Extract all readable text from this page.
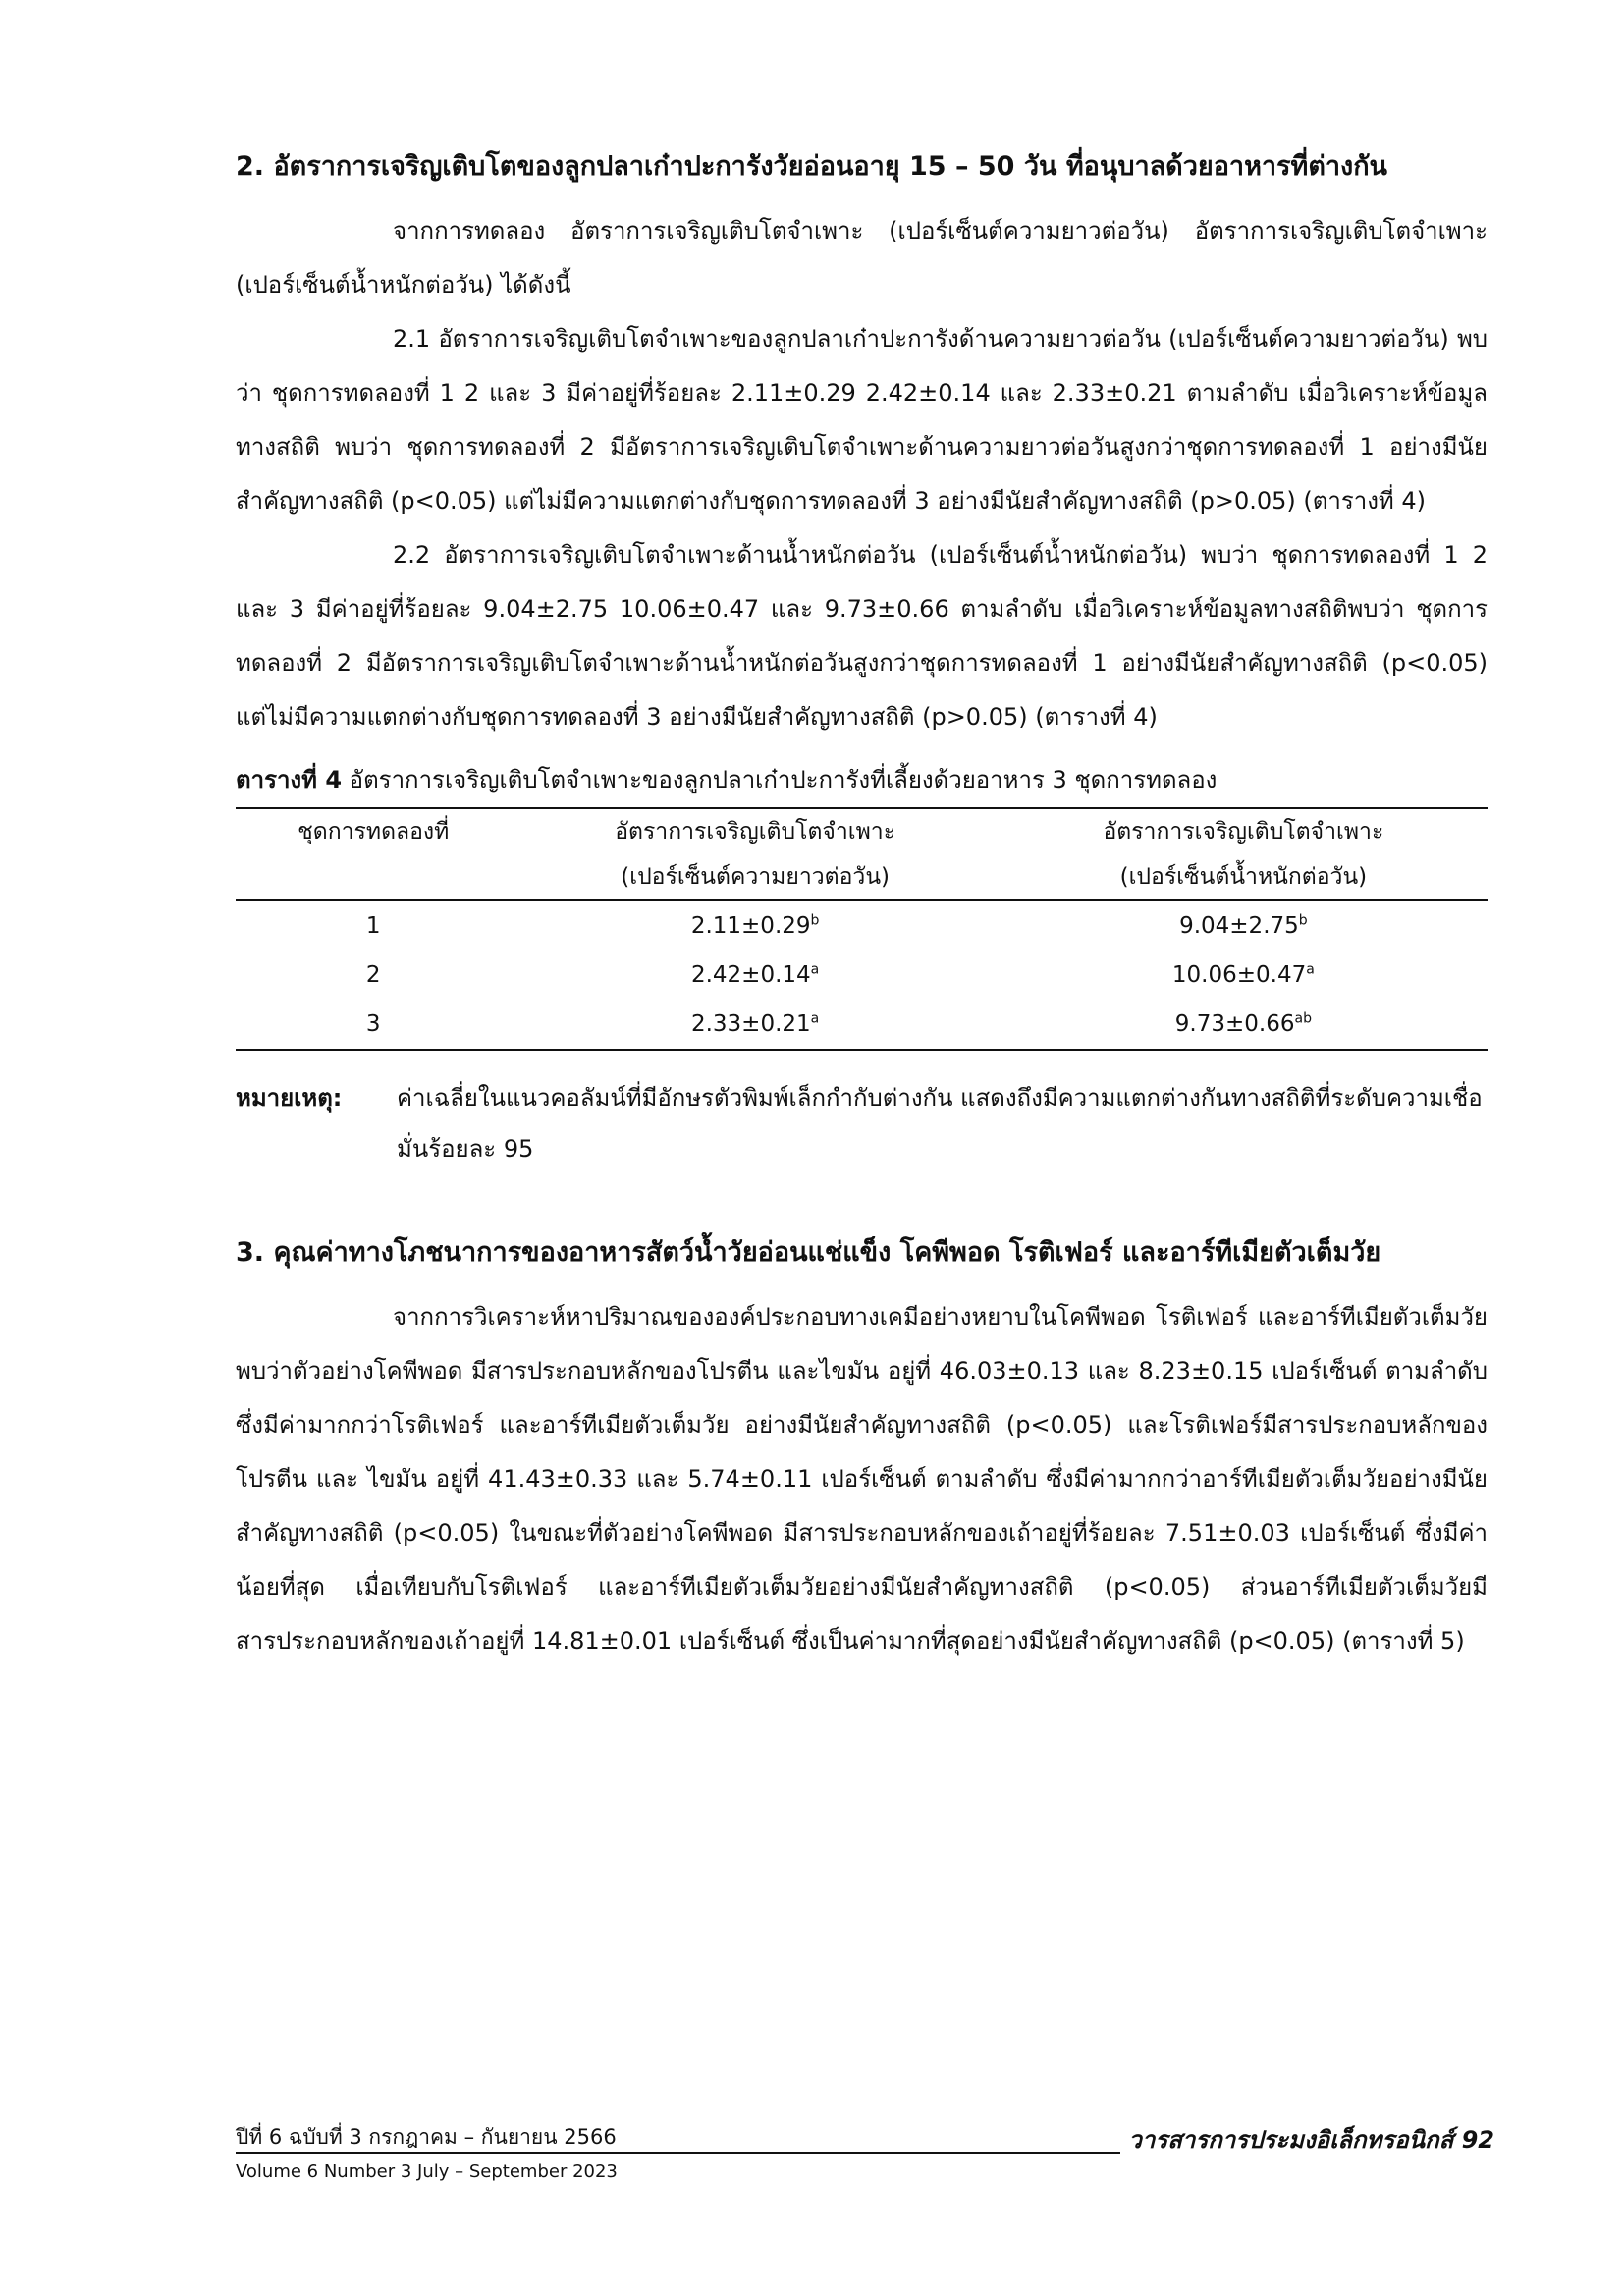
2. อัตราการเจริญเติบโตของลูกปลาเก๋าปะการังวัยอ่อนอายุ 15 – 50 วัน ที่อนุบาลด้วยอาหารที่ต่างกัน

จากการทดลอง อัตราการเจริญเติบโตจำเพาะ (เปอร์เซ็นต์ความยาวต่อวัน) อัตราการเจริญเติบโตจำเพาะ (เปอร์เซ็นต์น้ำหนักต่อวัน) ได้ดังนี้

2.1 อัตราการเจริญเติบโตจำเพาะของลูกปลาเก๋าปะการังด้านความยาวต่อวัน (เปอร์เซ็นต์ความยาวต่อวัน) พบว่า ชุดการทดลองที่ 1 2 และ 3 มีค่าอยู่ที่ร้อยละ 2.11±0.29 2.42±0.14 และ 2.33±0.21 ตามลำดับ เมื่อวิเคราะห์ข้อมูลทางสถิติ พบว่า ชุดการทดลองที่ 2 มีอัตราการเจริญเติบโตจำเพาะด้านความยาวต่อวันสูงกว่าชุดการทดลองที่ 1 อย่างมีนัยสำคัญทางสถิติ (p<0.05) แต่ไม่มีความแตกต่างกับชุดการทดลองที่ 3 อย่างมีนัยสำคัญทางสถิติ (p>0.05) (ตารางที่ 4)

2.2 อัตราการเจริญเติบโตจำเพาะด้านน้ำหนักต่อวัน (เปอร์เซ็นต์น้ำหนักต่อวัน) พบว่า ชุดการทดลองที่ 1 2 และ 3 มีค่าอยู่ที่ร้อยละ 9.04±2.75 10.06±0.47 และ 9.73±0.66 ตามลำดับ เมื่อวิเคราะห์ข้อมูลทางสถิติพบว่า ชุดการทดลองที่ 2 มีอัตราการเจริญเติบโตจำเพาะด้านน้ำหนักต่อวันสูงกว่าชุดการทดลองที่ 1 อย่างมีนัยสำคัญทางสถิติ (p<0.05) แต่ไม่มีความแตกต่างกับชุดการทดลองที่ 3 อย่างมีนัยสำคัญทางสถิติ (p>0.05) (ตารางที่ 4)

ตารางที่ 4 อัตราการเจริญเติบโตจำเพาะของลูกปลาเก๋าปะการังที่เลี้ยงด้วยอาหาร 3 ชุดการทดลอง
ชุดการทดลองที่	อัตราการเจริญเติบโตจำเพาะ	อัตราการเจริญเติบโตจำเพาะ
	(เปอร์เซ็นต์ความยาวต่อวัน)	(เปอร์เซ็นต์น้ำหนักต่อวัน)
1	2.11±0.29$^b$	9.04±2.75$^b$
2	2.42±0.14$^a$	10.06±0.47$^a$
3	2.33±0.21$^a$	9.73±0.66$^{ab}$
หมายเหตุ:	ค่าเฉลี่ยในแนวคอลัมน์ที่มีอักษรตัวพิมพ์เล็กกำกับต่างกัน แสดงถึงมีความแตกต่างกันทางสถิติที่ระดับความเชื่อมั่นร้อยละ 95
3. คุณค่าทางโภชนาการของอาหารสัตว์น้ำวัยอ่อนแช่แข็ง โคพีพอด โรติเฟอร์ และอาร์ทีเมียตัวเต็มวัย

จากการวิเคราะห์หาปริมาณขององค์ประกอบทางเคมีอย่างหยาบในโคพีพอด โรติเฟอร์ และอาร์ทีเมียตัวเต็มวัย พบว่าตัวอย่างโคพีพอด มีสารประกอบหลักของโปรตีน และไขมัน อยู่ที่ 46.03±0.13 และ 8.23±0.15 เปอร์เซ็นต์ ตามลำดับ ซึ่งมีค่ามากกว่าโรติเฟอร์ และอาร์ทีเมียตัวเต็มวัย อย่างมีนัยสำคัญทางสถิติ (p<0.05) และโรติเฟอร์มีสารประกอบหลักของโปรตีน และ ไขมัน อยู่ที่ 41.43±0.33 และ 5.74±0.11 เปอร์เซ็นต์ ตามลำดับ ซึ่งมีค่ามากกว่าอาร์ทีเมียตัวเต็มวัยอย่างมีนัยสำคัญทางสถิติ (p<0.05) ในขณะที่ตัวอย่างโคพีพอด มีสารประกอบหลักของเถ้าอยู่ที่ร้อยละ 7.51±0.03 เปอร์เซ็นต์ ซึ่งมีค่าน้อยที่สุด เมื่อเทียบกับโรติเฟอร์ และอาร์ทีเมียตัวเต็มวัยอย่างมีนัยสำคัญทางสถิติ (p<0.05) ส่วนอาร์ทีเมียตัวเต็มวัยมีสารประกอบหลักของเถ้าอยู่ที่ 14.81±0.01 เปอร์เซ็นต์ ซึ่งเป็นค่ามากที่สุดอย่างมีนัยสำคัญทางสถิติ (p<0.05) (ตารางที่ 5)

ปีที่ 6 ฉบับที่ 3 กรกฎาคม – กันยายน 2566
Volume 6 Number 3 July – September 2023
วารสารการประมงอิเล็กทรอนิกส์ 92
